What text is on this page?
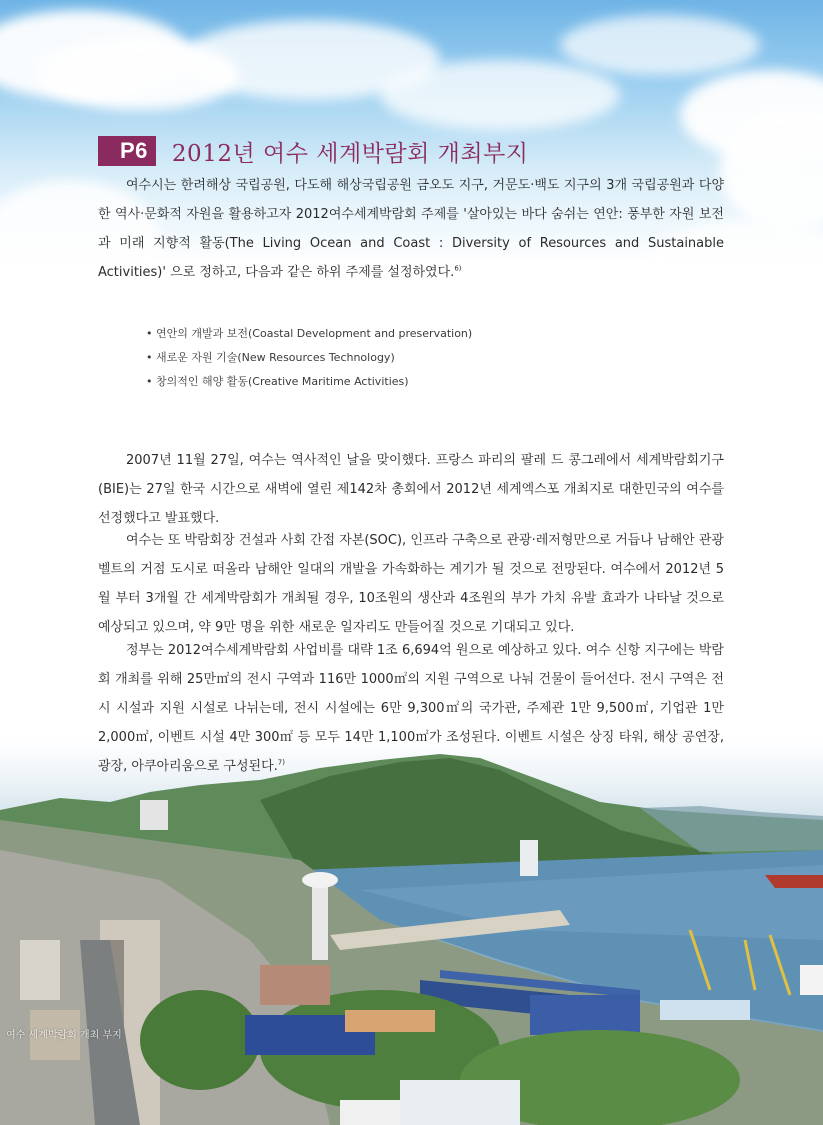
P6	2012년 여수 세계박람회 개최부지

여수시는 한려해상 국립공원, 다도해 해상국립공원 금오도 지구, 거문도·백도 지구의 3개 국립공원과 다양한 역사·문화적 자원을 활용하고자 2012여수세계박람회 주제를 '살아있는 바다 숨쉬는 연안: 풍부한 자원 보전과 미래 지향적 활동(The Living Ocean and Coast : Diversity of Resources and Sustainable Activities)' 으로 정하고, 다음과 같은 하위 주제를 설정하였다.$^{6)}$

• 연안의 개발과 보전(Coastal Development and preservation)
• 새로운 자원 기술(New Resources Technology)
• 창의적인 해양 활동(Creative Maritime Activities)

2007년 11월 27일, 여수는 역사적인 날을 맞이했다. 프랑스 파리의 팔레 드 콩그레에서 세계박람회기구(BIE)는 27일 한국 시간으로 새벽에 열린 제142차 총회에서 2012년 세계엑스포 개최지로 대한민국의 여수를 선정했다고 발표했다.

여수는 또 박람회장 건설과 사회 간접 자본(SOC), 인프라 구축으로 관광·레저형만으로 거듭나 남해안 관광 벨트의 거점 도시로 떠올라 남해안 일대의 개발을 가속화하는 계기가 될 것으로 전망된다. 여수에서 2012년 5월 부터 3개월 간 세계박람회가 개최될 경우, 10조원의 생산과 4조원의 부가 가치 유발 효과가 나타날 것으로 예상되고 있으며, 약 9만 명을 위한 새로운 일자리도 만들어질 것으로 기대되고 있다.

정부는 2012여수세계박람회 사업비를 대략 1조 6,694억 원으로 예상하고 있다. 여수 신항 지구에는 박람회 개최를 위해 25만㎡의 전시 구역과 116만 1000㎡의 지원 구역으로 나눠 건물이 들어선다. 전시 구역은 전시 시설과 지원 시설로 나뉘는데, 전시 시설에는 6만 9,300㎡의 국가관, 주제관 1만 9,500㎡, 기업관 1만 2,000㎡, 이벤트 시설 4만 300㎡ 등 모두 14만 1,100㎡가 조성된다. 이벤트 시설은 상징 타워, 해상 공연장, 광장, 아쿠아리움으로 구성된다.$^{7)}$

여수 세계박람회 개최 부지
